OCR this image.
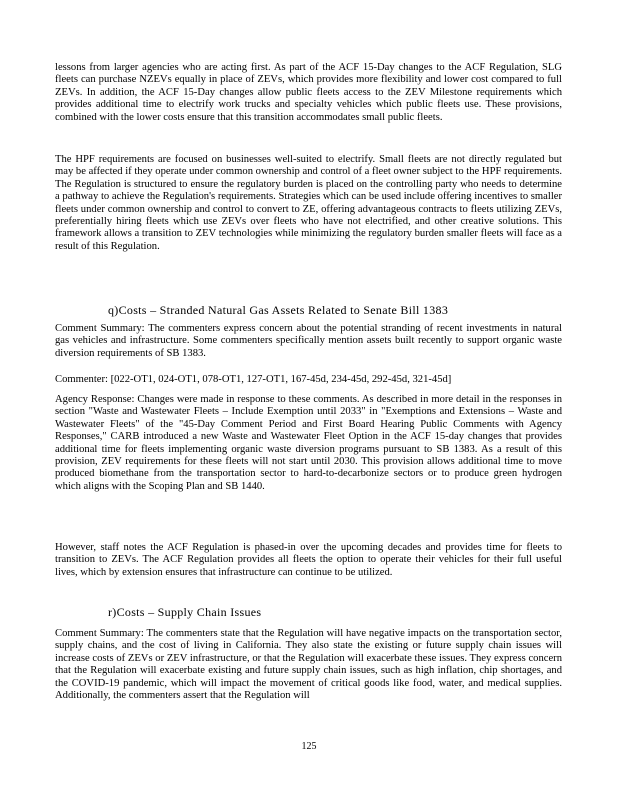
lessons from larger agencies who are acting first. As part of the ACF 15-Day changes to the ACF Regulation, SLG fleets can purchase NZEVs equally in place of ZEVs, which provides more flexibility and lower cost compared to full ZEVs. In addition, the ACF 15-Day changes allow public fleets access to the ZEV Milestone requirements which provides additional time to electrify work trucks and specialty vehicles which public fleets use. These provisions, combined with the lower costs ensure that this transition accommodates small public fleets.

The HPF requirements are focused on businesses well-suited to electrify. Small fleets are not directly regulated but may be affected if they operate under common ownership and control of a fleet owner subject to the HPF requirements. The Regulation is structured to ensure the regulatory burden is placed on the controlling party who needs to determine a pathway to achieve the Regulation's requirements. Strategies which can be used include offering incentives to smaller fleets under common ownership and control to convert to ZE, offering advantageous contracts to fleets utilizing ZEVs, preferentially hiring fleets which use ZEVs over fleets who have not electrified, and other creative solutions. This framework allows a transition to ZEV technologies while minimizing the regulatory burden smaller fleets will face as a result of this Regulation.

q)Costs – Stranded Natural Gas Assets Related to Senate Bill 1383

Comment Summary: The commenters express concern about the potential stranding of recent investments in natural gas vehicles and infrastructure. Some commenters specifically mention assets built recently to support organic waste diversion requirements of SB 1383.

Commenter: [022-OT1, 024-OT1, 078-OT1, 127-OT1, 167-45d, 234-45d, 292-45d, 321-45d]

Agency Response: Changes were made in response to these comments. As described in more detail in the responses in section "Waste and Wastewater Fleets – Include Exemption until 2033" in "Exemptions and Extensions – Waste and Wastewater Fleets" of the "45-Day Comment Period and First Board Hearing Public Comments with Agency Responses," CARB introduced a new Waste and Wastewater Fleet Option in the ACF 15-day changes that provides additional time for fleets implementing organic waste diversion programs pursuant to SB 1383. As a result of this provision, ZEV requirements for these fleets will not start until 2030. This provision allows additional time to move produced biomethane from the transportation sector to hard-to-decarbonize sectors or to produce green hydrogen which aligns with the Scoping Plan and SB 1440.

However, staff notes the ACF Regulation is phased-in over the upcoming decades and provides time for fleets to transition to ZEVs. The ACF Regulation provides all fleets the option to operate their vehicles for their full useful lives, which by extension ensures that infrastructure can continue to be utilized.

r)Costs – Supply Chain Issues

Comment Summary: The commenters state that the Regulation will have negative impacts on the transportation sector, supply chains, and the cost of living in California. They also state the existing or future supply chain issues will increase costs of ZEVs or ZEV infrastructure, or that the Regulation will exacerbate these issues. They express concern that the Regulation will exacerbate existing and future supply chain issues, such as high inflation, chip shortages, and the COVID-19 pandemic, which will impact the movement of critical goods like food, water, and medical supplies. Additionally, the commenters assert that the Regulation will

125
